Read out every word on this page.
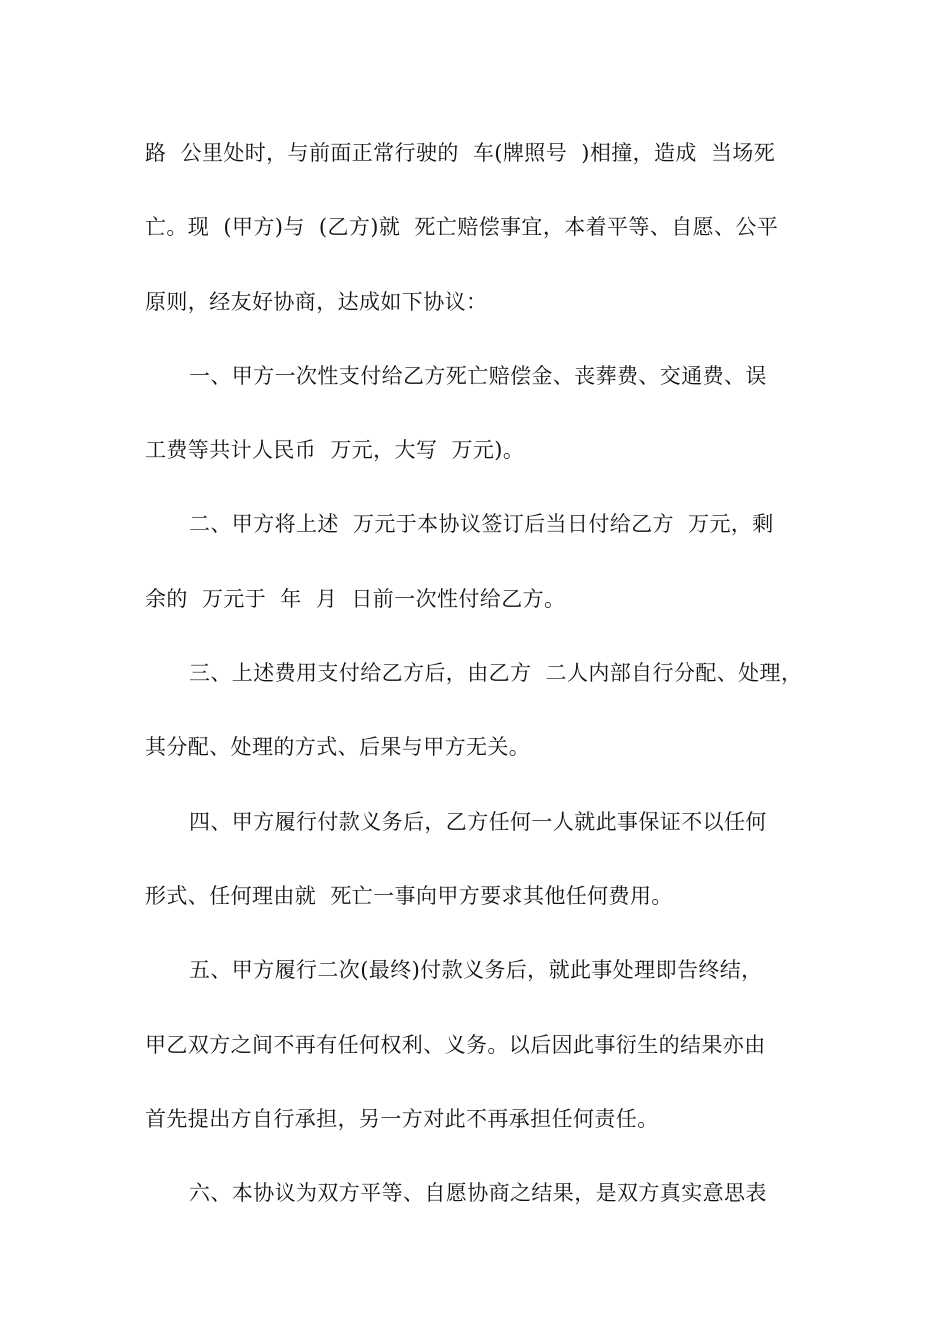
路  公里处时，与前面正常行驶的  车(牌照号  )相撞，造成  当场死
亡。现  (甲方)与  (乙方)就  死亡赔偿事宜，本着平等、自愿、公平
原则，经友好协商，达成如下协议：
一、甲方一次性支付给乙方死亡赔偿金、丧葬费、交通费、误
工费等共计人民币  万元，大写  万元)。
二、甲方将上述  万元于本协议签订后当日付给乙方  万元，剩
余的  万元于  年  月  日前一次性付给乙方。
三、上述费用支付给乙方后，由乙方  二人内部自行分配、处理，
其分配、处理的方式、后果与甲方无关。
四、甲方履行付款义务后，乙方任何一人就此事保证不以任何
形式、任何理由就  死亡一事向甲方要求其他任何费用。
五、甲方履行二次(最终)付款义务后，就此事处理即告终结，
甲乙双方之间不再有任何权利、义务。以后因此事衍生的结果亦由
首先提出方自行承担，另一方对此不再承担任何责任。
六、本协议为双方平等、自愿协商之结果，是双方真实意思表
